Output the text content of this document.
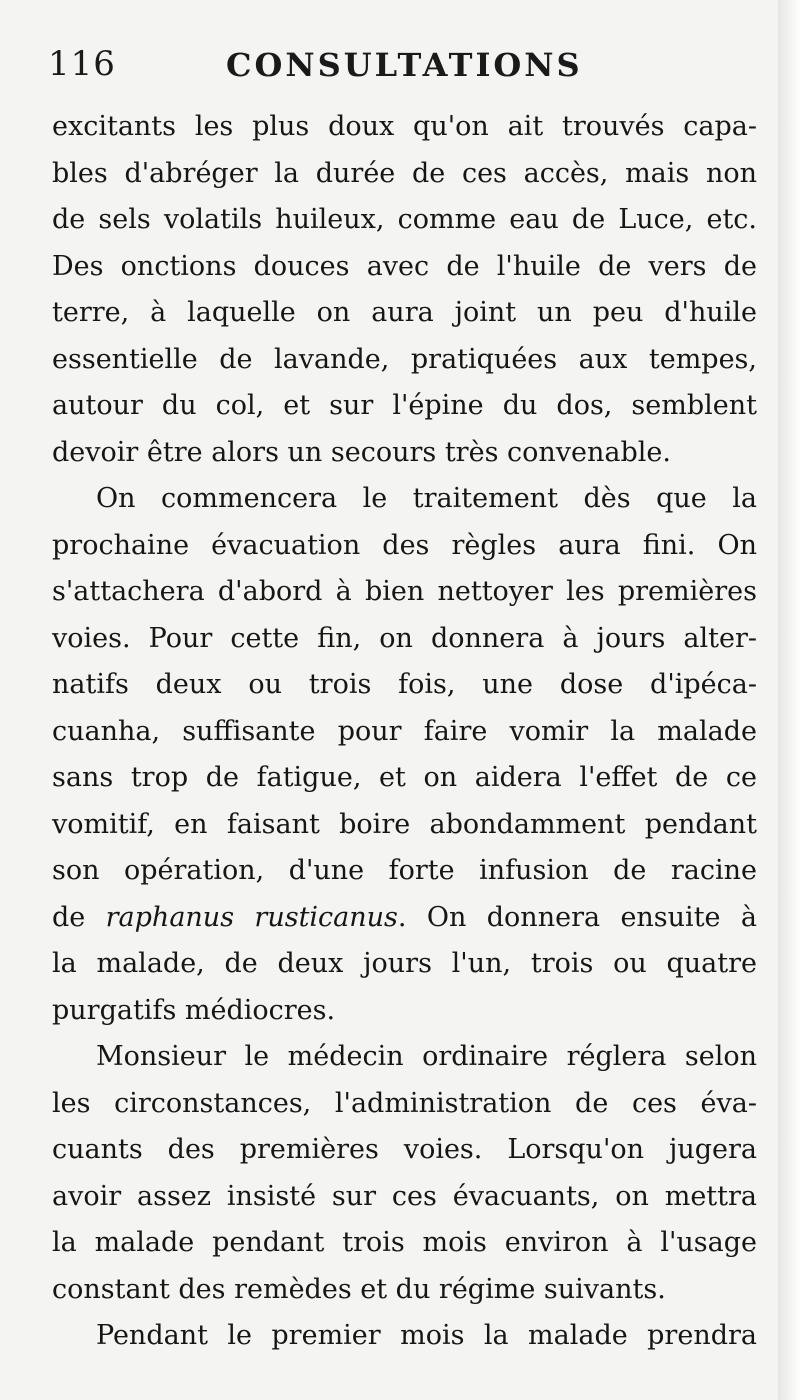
116	CONSULTATIONS
excitants les plus doux qu'on ait trouvés capa-
bles d'abréger la durée de ces accès, mais non
de sels volatils huileux, comme eau de Luce, etc.
Des onctions douces avec de l'huile de vers de
terre, à laquelle on aura joint un peu d'huile
essentielle de lavande, pratiquées aux tempes,
autour du col, et sur l'épine du dos, semblent
devoir être alors un secours très convenable.
On commencera le traitement dès que la
prochaine évacuation des règles aura fini. On
s'attachera d'abord à bien nettoyer les premières
voies. Pour cette fin, on donnera à jours alter-
natifs deux ou trois fois, une dose d'ipéca-
cuanha, suffisante pour faire vomir la malade
sans trop de fatigue, et on aidera l'effet de ce
vomitif, en faisant boire abondamment pendant
son opération, d'une forte infusion de racine
de raphanus rusticanus. On donnera ensuite à
la malade, de deux jours l'un, trois ou quatre
purgatifs médiocres.
Monsieur le médecin ordinaire réglera selon
les circonstances, l'administration de ces éva-
cuants des premières voies. Lorsqu'on jugera
avoir assez insisté sur ces évacuants, on mettra
la malade pendant trois mois environ à l'usage
constant des remèdes et du régime suivants.
Pendant le premier mois la malade prendra
